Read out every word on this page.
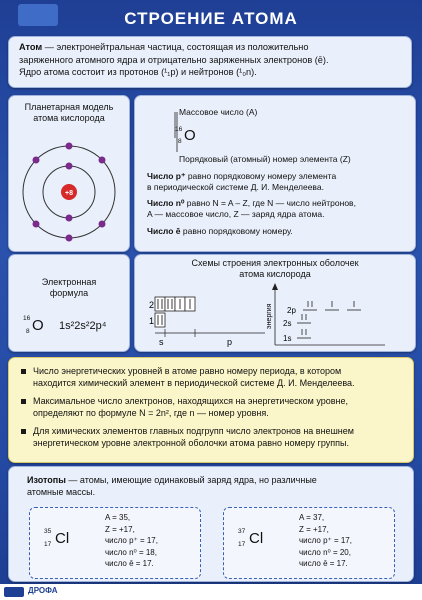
СТРОЕНИЕ АТОМА
Атом — электронейтральная частица, состоящая из положительно
заряженного атомного ядра и отрицательно заряженных электронов (ē).
Ядро атома состоит из протонов (¹₁p) и нейтронов (¹₀n).
Планетарная модель
атома кислорода
+8
Электронная
формула
16
8 O 1s²2s²2p⁴
Массовое число (A)
16
8 O
Порядковый (атомный) номер элемента (Z)
Число p⁺ равно порядковому номеру элемента
в периодической системе Д. И. Менделеева.
Число n⁰ равно N = A – Z, где N — число нейтронов,
A — массовое число, Z — заряд ядра атома.
Число ē равно порядковому номеру.
Схемы строения электронных оболочек
атома кислорода
2
1
s	p
энергия 2p
2s
1s
Число энергетических уровней в атоме равно номеру периода, в котором
находится химический элемент в периодической системе Д. И. Менделеева.
Максимальное число электронов, находящихся на энергетическом уровне,
определяют по формуле N = 2n², где n — номер уровня.
Для химических элементов главных подгрупп число электронов на внешнем
энергетическом уровне электронной оболочки атома равно номеру группы.
Изотопы — атомы, имеющие одинаковый заряд ядра, но различные
атомные массы.
35
17 Cl
A = 35,
Z = +17,
число p⁺ = 17,
число n⁰ = 18,
число ē = 17.
37
17 Cl
A = 37,
Z = +17,
число p⁺ = 17,
число n⁰ = 20,
число ē = 17.
ДРОФА
